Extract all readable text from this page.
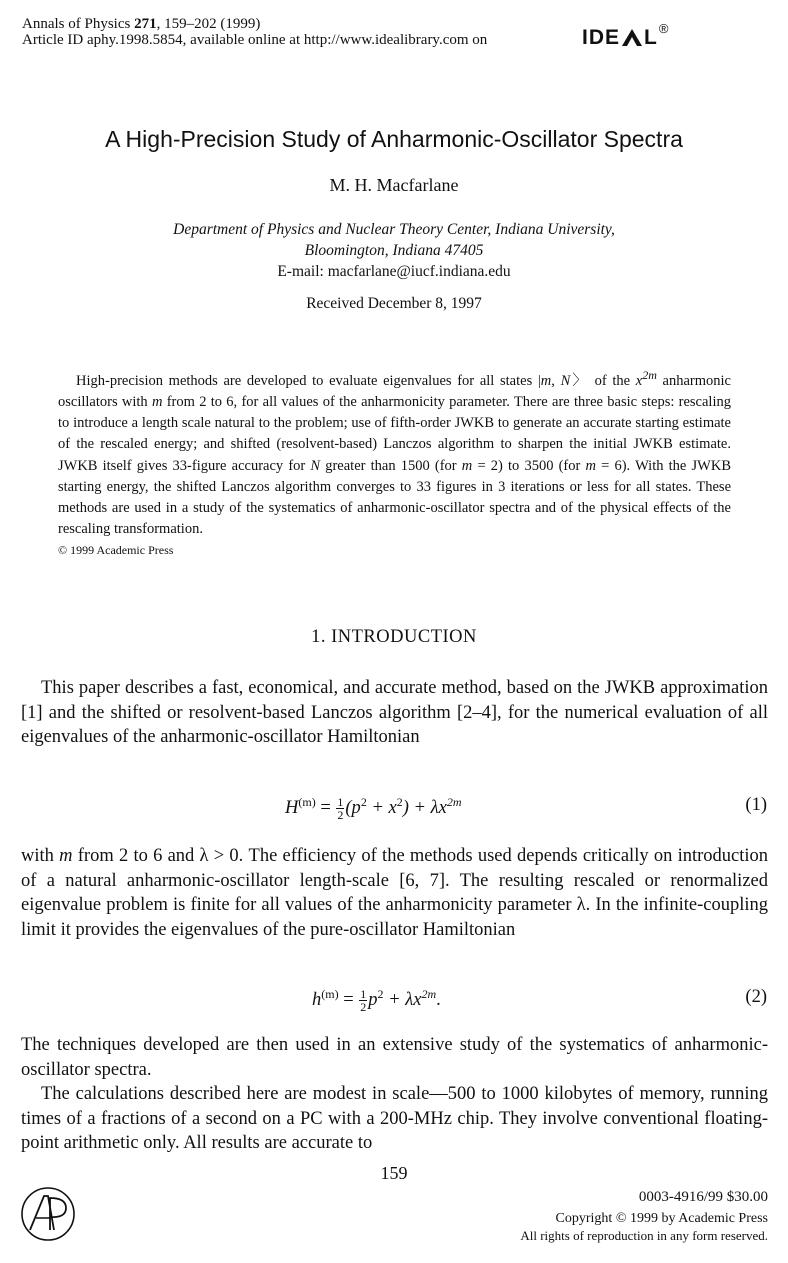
Annals of Physics 271, 159–202 (1999)
Article ID aphy.1998.5854, available online at http://www.idealibrary.com on	IDE L ®
A High-Precision Study of Anharmonic-Oscillator Spectra
M. H. Macfarlane
Department of Physics and Nuclear Theory Center, Indiana University,
Bloomington, Indiana 47405
E-mail: macfarlane@iucf.indiana.edu
Received December 8, 1997
High-precision methods are developed to evaluate eigenvalues for all states |m, N〉 of the $x^{2m}$ anharmonic oscillators with m from 2 to 6, for all values of the anharmonicity parameter. There are three basic steps: rescaling to introduce a length scale natural to the problem; use of fifth-order JWKB to generate an accurate starting estimate of the rescaled energy; and shifted (resolvent-based) Lanczos algorithm to sharpen the initial JWKB estimate. JWKB itself gives 33-figure accuracy for N greater than 1500 (for m = 2) to 3500 (for m = 6). With the JWKB starting energy, the shifted Lanczos algorithm converges to 33 figures in 3 iterations or less for all states. These methods are used in a study of the systematics of anharmonic-oscillator spectra and of the physical effects of the rescaling transformation.
© 1999 Academic Press
1. INTRODUCTION
This paper describes a fast, economical, and accurate method, based on the JWKB approximation [1] and the shifted or resolvent-based Lanczos algorithm [2–4], for the numerical evaluation of all eigenvalues of the anharmonic-oscillator Hamiltonian
$H^{(m)} = \frac{1}{2} (p^2 + x^2) + \lambda x^{2m}$	(1)
with m from 2 to 6 and λ > 0. The efficiency of the methods used depends critically on introduction of a natural anharmonic-oscillator length-scale [6, 7]. The resulting rescaled or renormalized eigenvalue problem is finite for all values of the anharmonicity parameter λ. In the infinite-coupling limit it provides the eigenvalues of the pure-oscillator Hamiltonian
$h^{(m)} = \frac{1}{2} p^2 + \lambda x^{2m}$.	(2)
The techniques developed are then used in an extensive study of the systematics of anharmonic-oscillator spectra.
The calculations described here are modest in scale—500 to 1000 kilobytes of memory, running times of a fractions of a second on a PC with a 200-MHz chip. They involve conventional floating-point arithmetic only. All results are accurate to
159
0003-4916/99 $30.00
Copyright © 1999 by Academic Press
All rights of reproduction in any form reserved.
